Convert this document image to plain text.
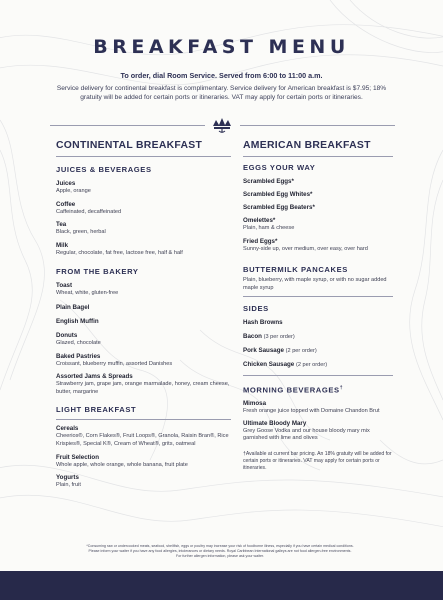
BREAKFAST MENU
To order, dial Room Service. Served from 6:00 to 11:00 a.m.
Service delivery for continental breakfast is complimentary. Service delivery for American breakfast is $7.95; 18% gratuity will be added for certain ports or itineraries. VAT may apply for certain ports or itineraries.
CONTINENTAL BREAKFAST
JUICES & BEVERAGES
Juices
Apple, orange
Coffee
Caffeinated, decaffeinated
Tea
Black, green, herbal
Milk
Regular, chocolate, fat free, lactose free, half & half
FROM THE BAKERY
Toast
Wheat, white, gluten-free
Plain Bagel
English Muffin
Donuts
Glazed, chocolate
Baked Pastries
Croissant, blueberry muffin, assorted Danishes
Assorted Jams & Spreads
Strawberry jam, grape jam, orange marmalade, honey, cream cheese, butter, margarine
LIGHT BREAKFAST
Cereals
Cheerios®, Corn Flakes®, Fruit Loops®, Granola, Raisin Bran®, Rice Krispies®, Special K®, Cream of Wheat®, grits, oatmeal
Fruit Selection
Whole apple, whole orange, whole banana, fruit plate
Yogurts
Plain, fruit
AMERICAN BREAKFAST
EGGS YOUR WAY
Scrambled Eggs*
Scrambled Egg Whites*
Scrambled Egg Beaters*
Omelettes*
Plain, ham & cheese
Fried Eggs*
Sunny-side up, over medium, over easy, over hard
BUTTERMILK PANCAKES
Plain, blueberry, with maple syrup, or with no sugar added maple syrup
SIDES
Hash Browns
Bacon (3 per order)
Pork Sausage (2 per order)
Chicken Sausage (2 per order)
MORNING BEVERAGES†
Mimosa
Fresh orange juice topped with Domaine Chandon Brut
Ultimate Bloody Mary
Grey Goose Vodka and our house bloody mary mix garnished with lime and olives
†Available at current bar pricing. An 18% gratuity will be added for certain ports or itineraries. VAT may apply for certain ports or itineraries.
*Consuming raw or undercooked meats, seafood, shellfish, eggs or poultry may increase your risk of foodborne illness, especially if you have certain medical conditions.
Please inform your waiter if you have any food allergies, intolerances or dietary needs. Royal Caribbean International galleys are not food allergen-free environments.
For further allergen information, please ask your waiter.
